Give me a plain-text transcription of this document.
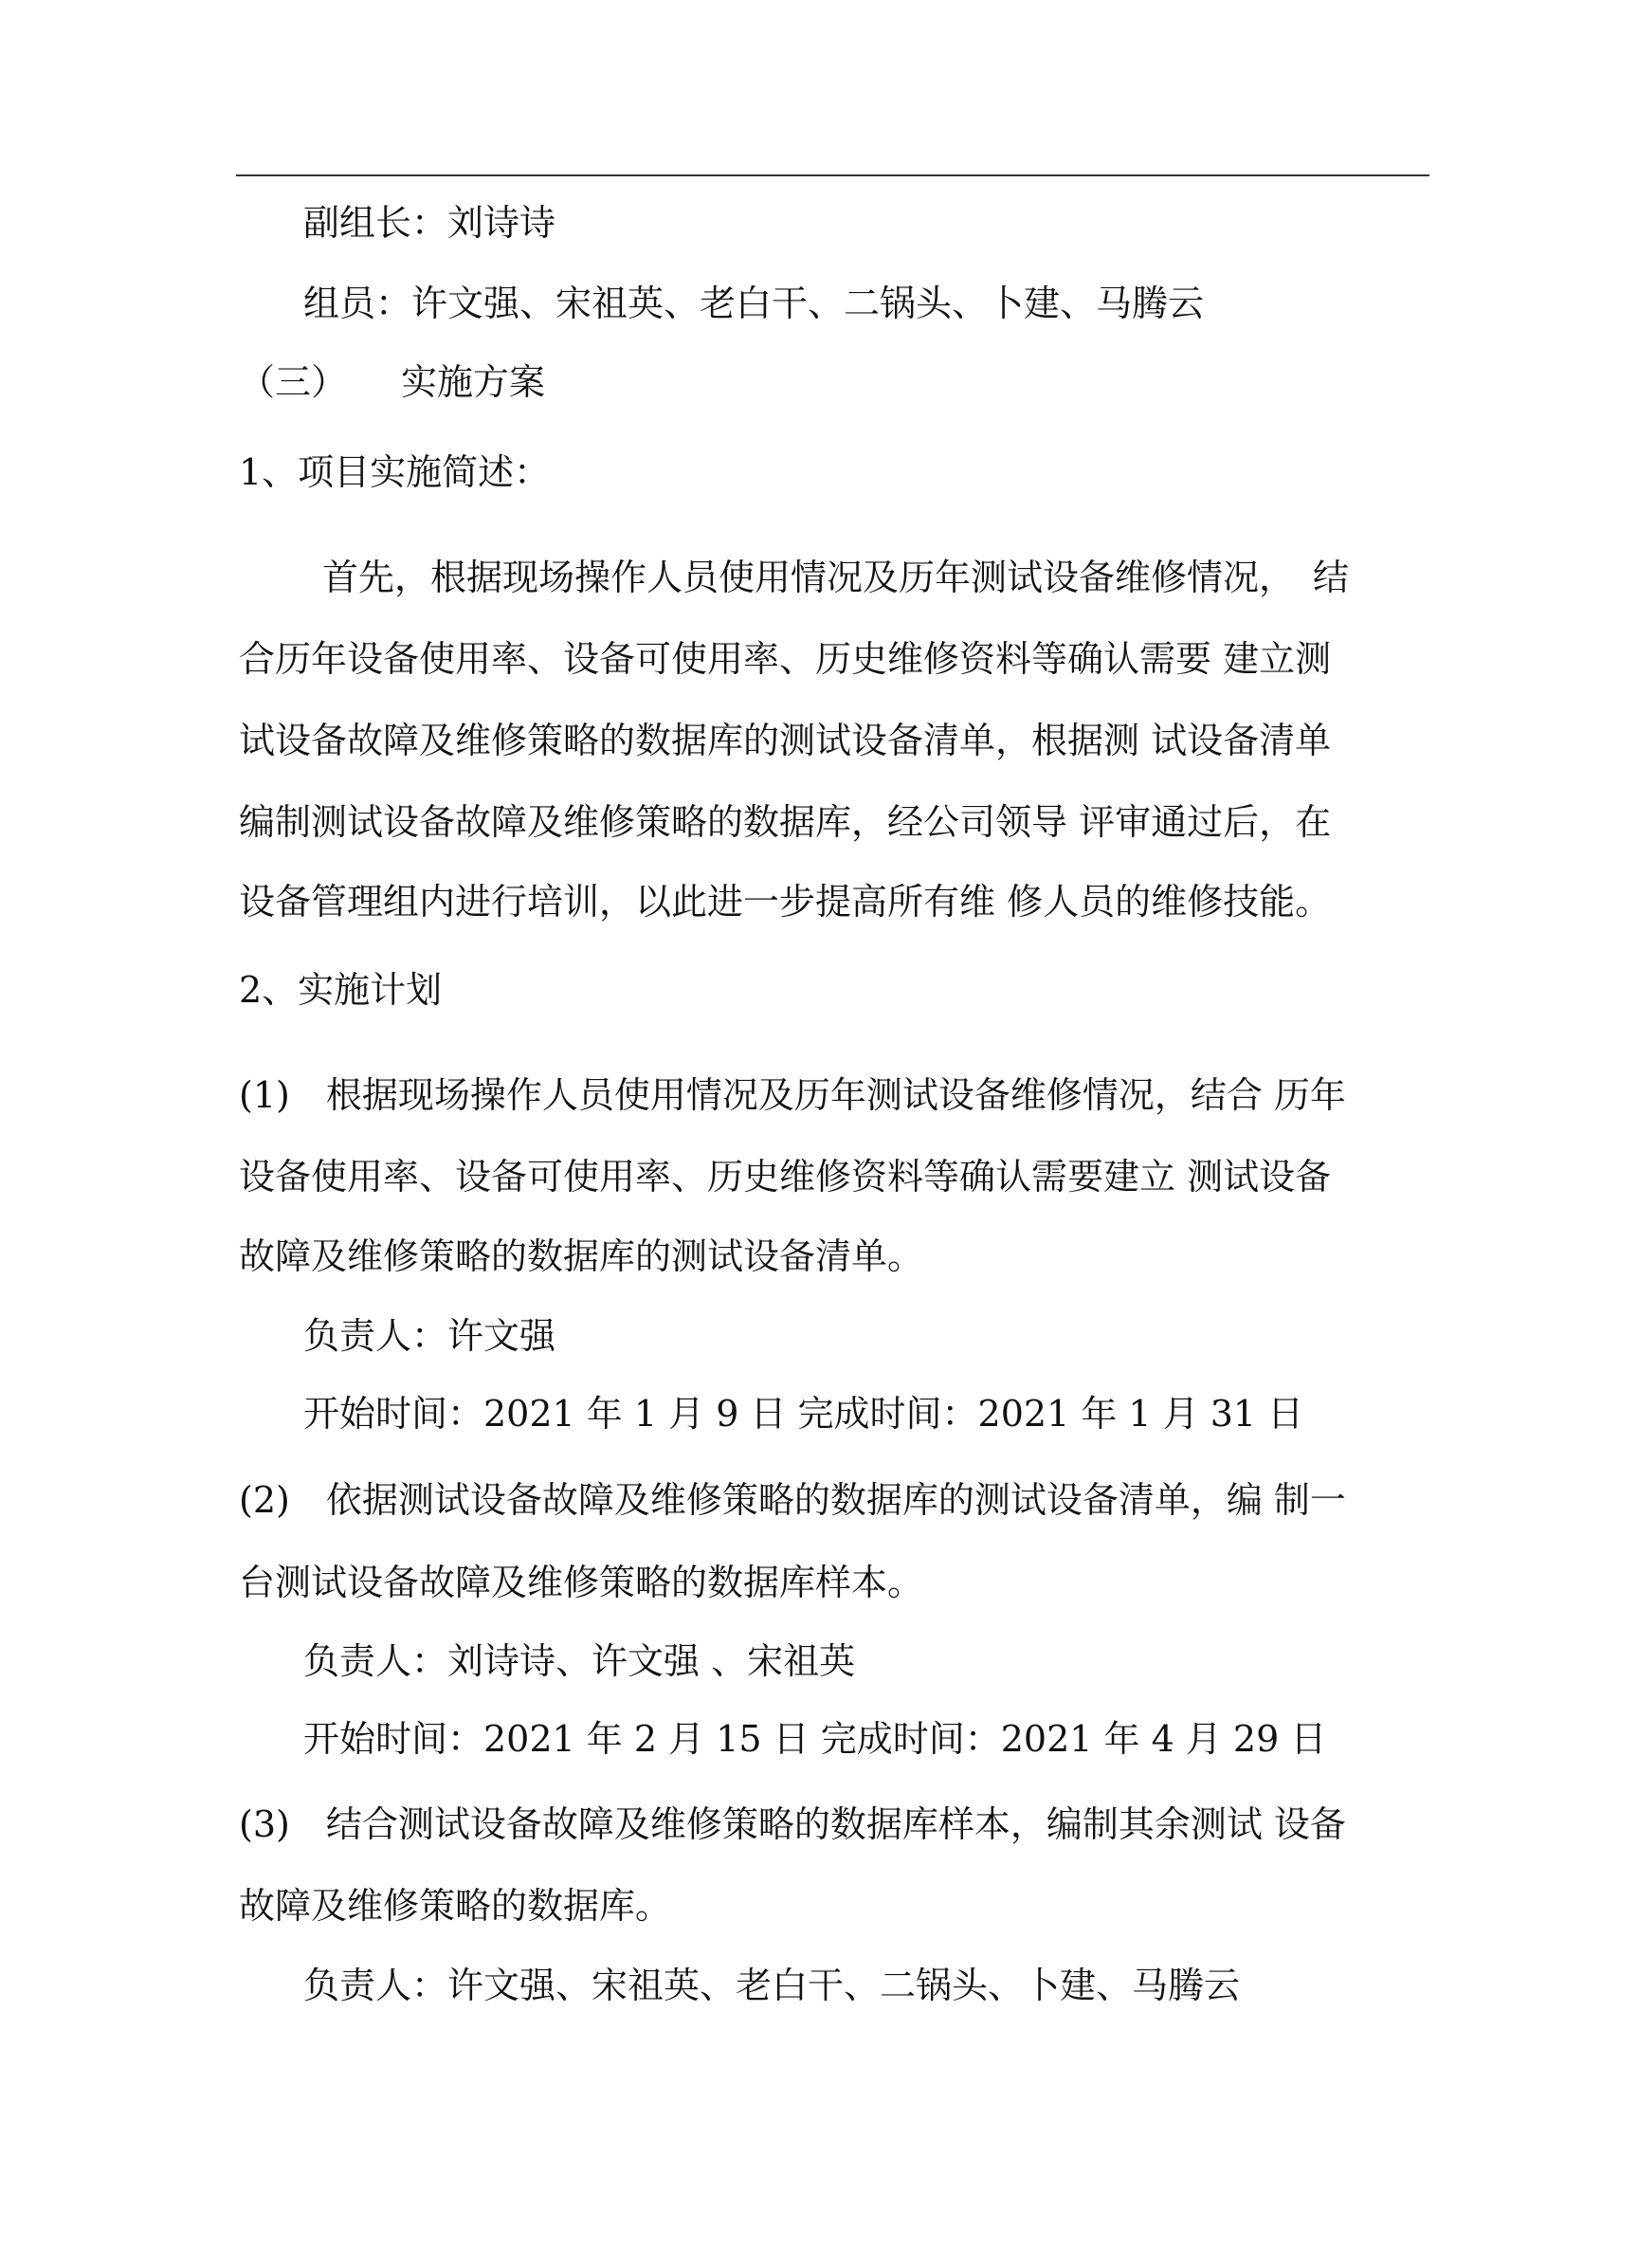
副组长：刘诗诗
组员：许文强、宋祖英、老白干、二锅头、卜建、马腾云
（三）　　实施方案
1、项目实施简述：
首先，根据现场操作人员使用情况及历年测试设备维修情况，　结
合历年设备使用率、设备可使用率、历史维修资料等确认需要 建立测
试设备故障及维修策略的数据库的测试设备清单，根据测 试设备清单
编制测试设备故障及维修策略的数据库，经公司领导 评审通过后，在
设备管理组内进行培训，以此进一步提高所有维 修人员的维修技能。
2、实施计划
(1)　根据现场操作人员使用情况及历年测试设备维修情况，结合 历年
设备使用率、设备可使用率、历史维修资料等确认需要建立 测试设备
故障及维修策略的数据库的测试设备清单。
负责人：许文强
开始时间：2021 年 1 月 9 日 完成时间：2021 年 1 月 31 日
(2)　依据测试设备故障及维修策略的数据库的测试设备清单，编 制一
台测试设备故障及维修策略的数据库样本。
负责人：刘诗诗、许文强 、宋祖英
开始时间：2021 年 2 月 15 日 完成时间：2021 年 4 月 29 日
(3)　结合测试设备故障及维修策略的数据库样本，编制其余测试 设备
故障及维修策略的数据库。
负责人：许文强、宋祖英、老白干、二锅头、卜建、马腾云
